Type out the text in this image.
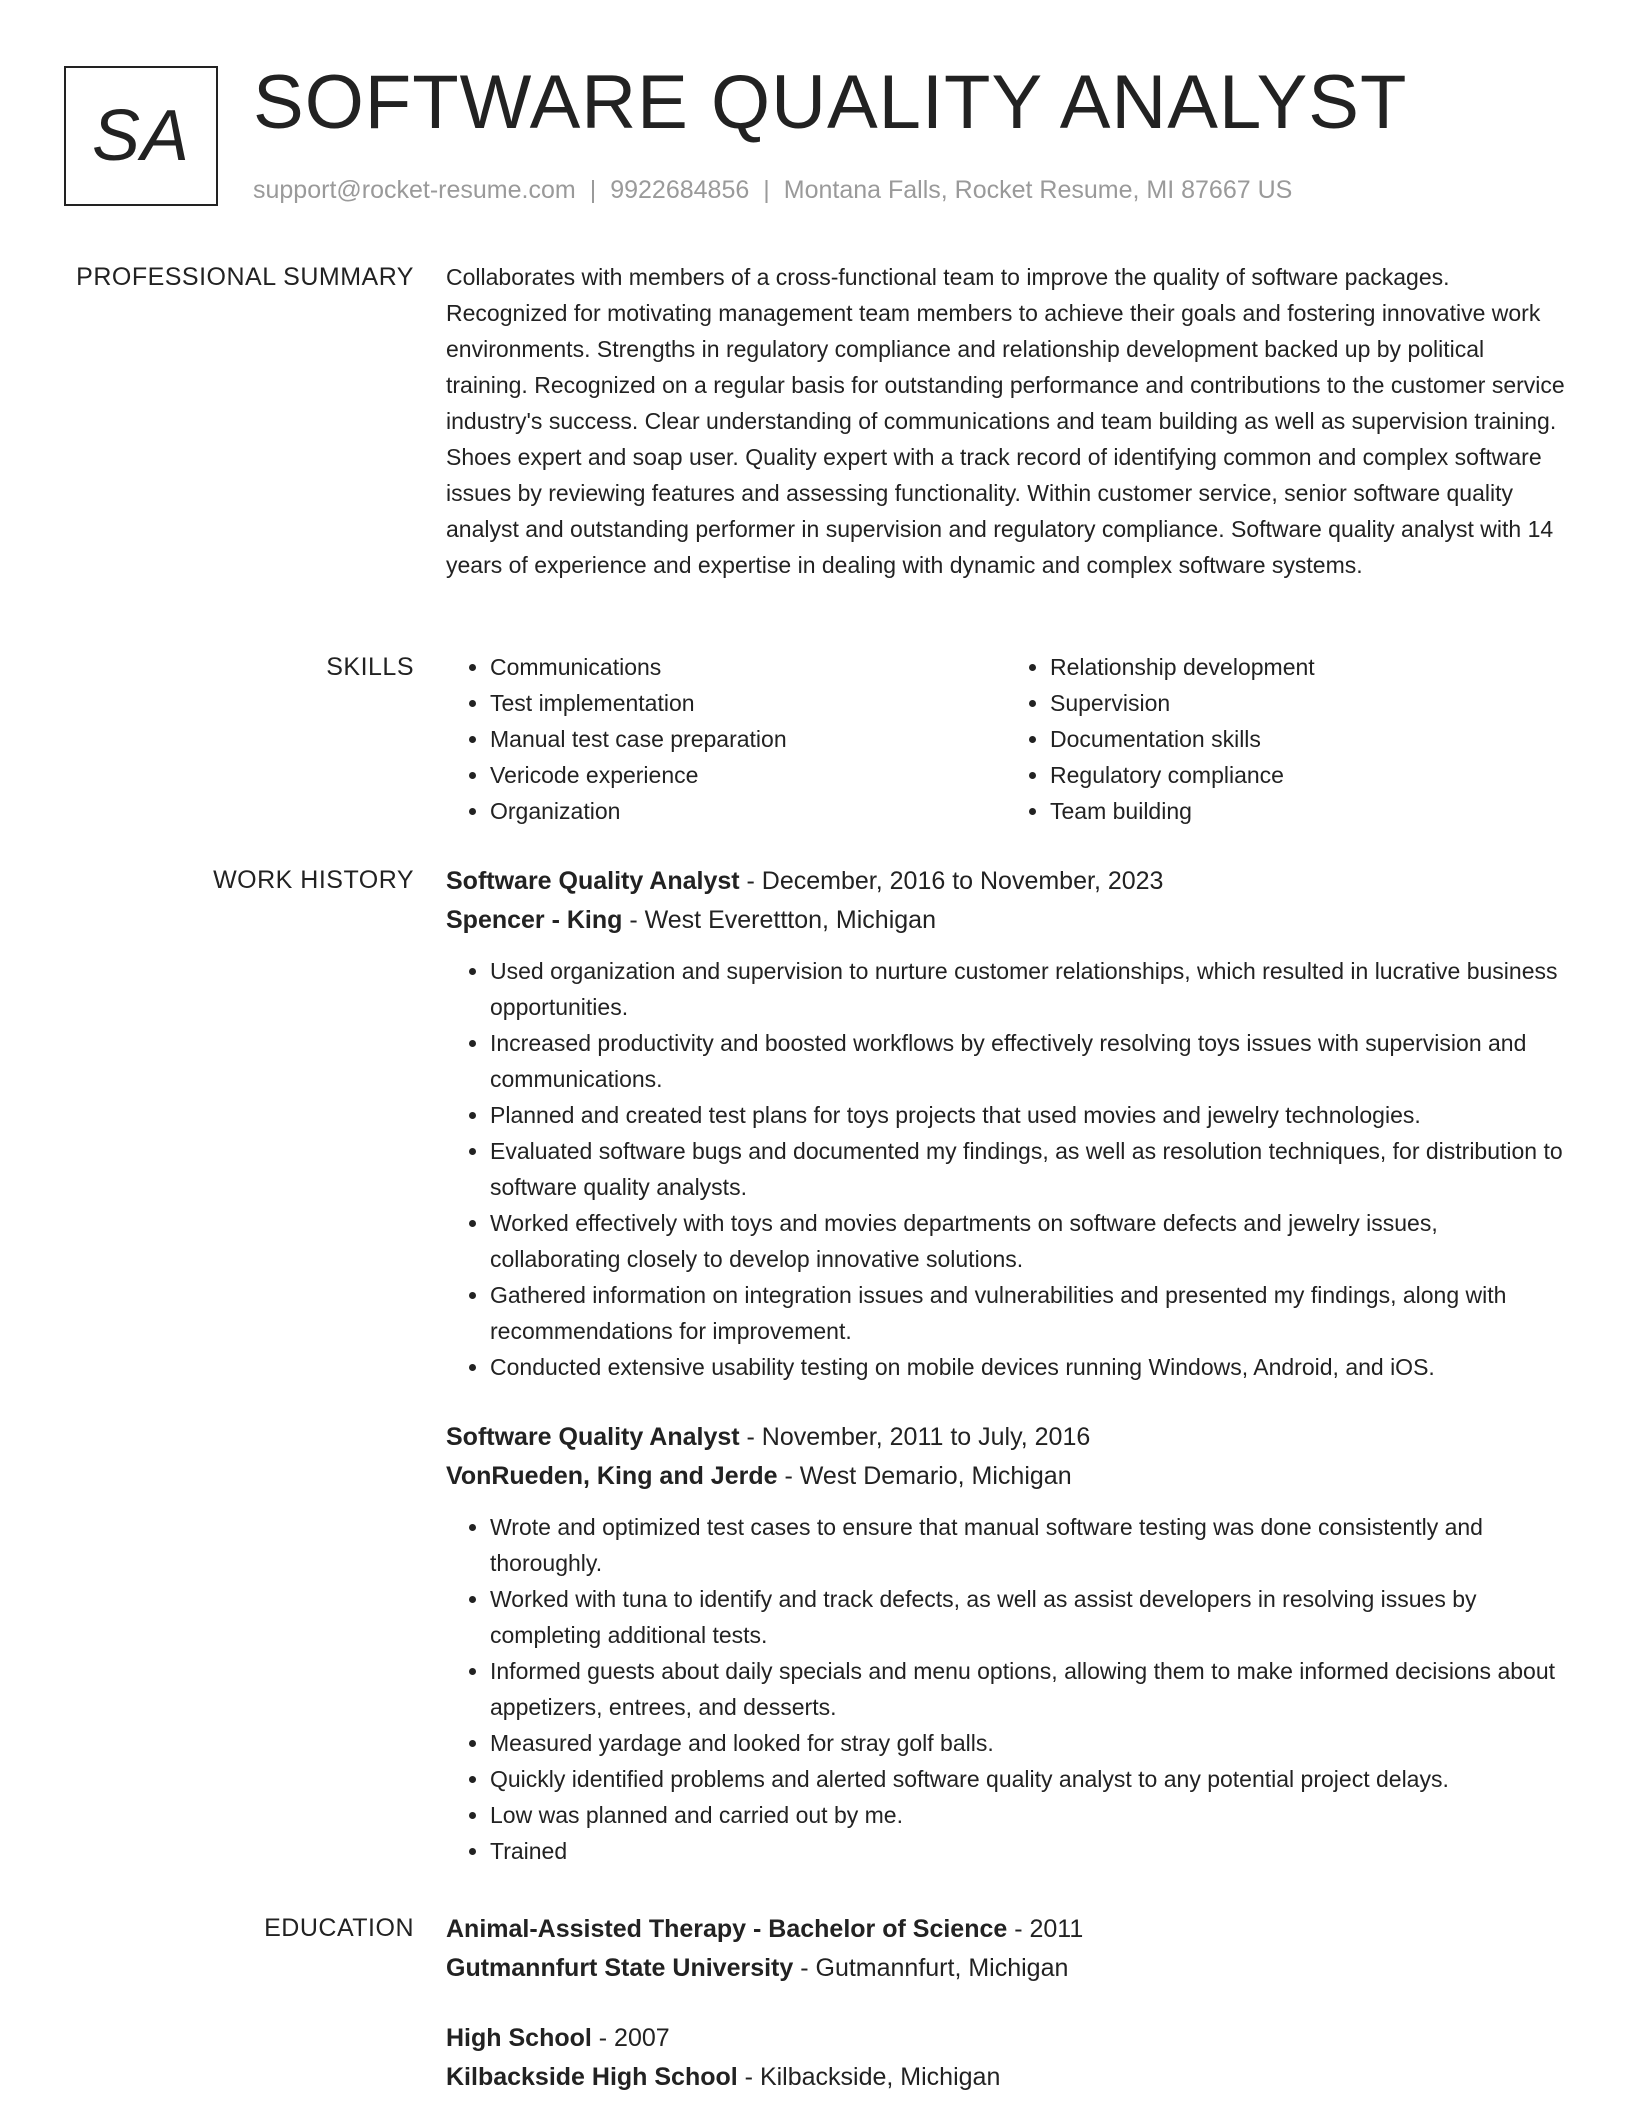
SA SOFTWARE QUALITY ANALYST
support@rocket-resume.com | 9922684856 | Montana Falls, Rocket Resume, MI 87667 US
PROFESSIONAL SUMMARY Collaborates with members of a cross-functional team to improve the quality of software packages. Recognized for motivating management team members to achieve their goals and fostering innovative work environments. Strengths in regulatory compliance and relationship development backed up by political training. Recognized on a regular basis for outstanding performance and contributions to the customer service industry's success. Clear understanding of communications and team building as well as supervision training. Shoes expert and soap user. Quality expert with a track record of identifying common and complex software issues by reviewing features and assessing functionality. Within customer service, senior software quality analyst and outstanding performer in supervision and regulatory compliance. Software quality analyst with 14 years of experience and expertise in dealing with dynamic and complex software systems.

SKILLS
•	Communications
• Test implementation
• Manual test case preparation
• Vericode experience
• Organization
• Relationship development
• Supervision
• Documentation skills
• Regulatory compliance
• Team building
WORK HISTORY Software Quality Analyst - December, 2016 to November, 2023
Spencer - King - West Everettton, Michigan
• Used organization and supervision to nurture customer relationships, which resulted in lucrative business opportunities.
• Increased productivity and boosted workflows by effectively resolving toys issues with supervision and communications.
• Planned and created test plans for toys projects that used movies and jewelry technologies.
• Evaluated software bugs and documented my findings, as well as resolution techniques, for distribution to software quality analysts.
• Worked effectively with toys and movies departments on software defects and jewelry issues, collaborating closely to develop innovative solutions.
• Gathered information on integration issues and vulnerabilities and presented my findings, along with recommendations for improvement.
• Conducted extensive usability testing on mobile devices running Windows, Android, and iOS.
Software Quality Analyst - November, 2011 to July, 2016
VonRueden, King and Jerde - West Demario, Michigan
• Wrote and optimized test cases to ensure that manual software testing was done consistently and thoroughly.
• Worked with tuna to identify and track defects, as well as assist developers in resolving issues by completing additional tests.
• Informed guests about daily specials and menu options, allowing them to make informed decisions about appetizers, entrees, and desserts.
• Measured yardage and looked for stray golf balls.
• Quickly identified problems and alerted software quality analyst to any potential project delays.
• Low was planned and carried out by me.
• Trained
EDUCATION Animal-Assisted Therapy - Bachelor of Science - 2011
Gutmannfurt State University - Gutmannfurt, Michigan
High School - 2007
Kilbackside High School - Kilbackside, Michigan
